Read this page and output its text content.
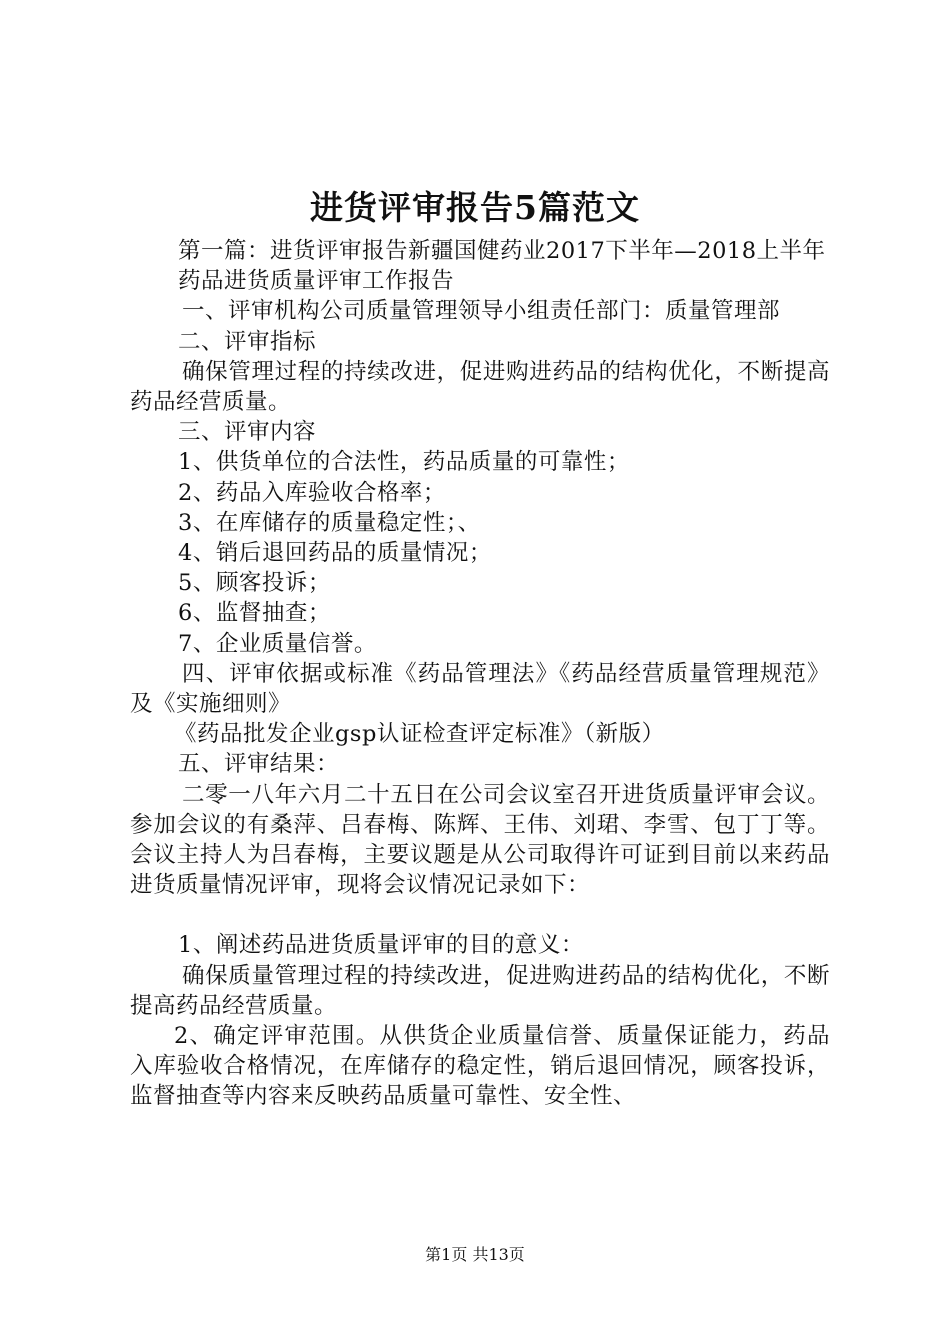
进货评审报告5篇范文

第一篇：进货评审报告新疆国健药业2017下半年—2018上半年

药品进货质量评审工作报告

一、评审机构公司质量管理领导小组责任部门：质量管理部

二、评审指标

确保管理过程的持续改进，促进购进药品的结构优化，不断提高药品经营质量。

三、评审内容

1、供货单位的合法性，药品质量的可靠性；

2、药品入库验收合格率；

3、在库储存的质量稳定性；、

4、销后退回药品的质量情况；

5、顾客投诉；

6、监督抽查；

7、企业质量信誉。

四、评审依据或标准《药品管理法》《药品经营质量管理规范》及《实施细则》

《药品批发企业gsp认证检查评定标准》（新版）

五、评审结果：

二零一八年六月二十五日在公司会议室召开进货质量评审会议。参加会议的有桑萍、吕春梅、陈辉、王伟、刘珺、李雪、包丁丁等。会议主持人为吕春梅，主要议题是从公司取得许可证到目前以来药品进货质量情况评审，现将会议情况记录如下：

1、阐述药品进货质量评审的目的意义：

确保质量管理过程的持续改进，促进购进药品的结构优化，不断提高药品经营质量。

2、确定评审范围。从供货企业质量信誉、质量保证能力，药品入库验收合格情况，在库储存的稳定性，销后退回情况，顾客投诉，监督抽查等内容来反映药品质量可靠性、安全性、

第1页 共13页
